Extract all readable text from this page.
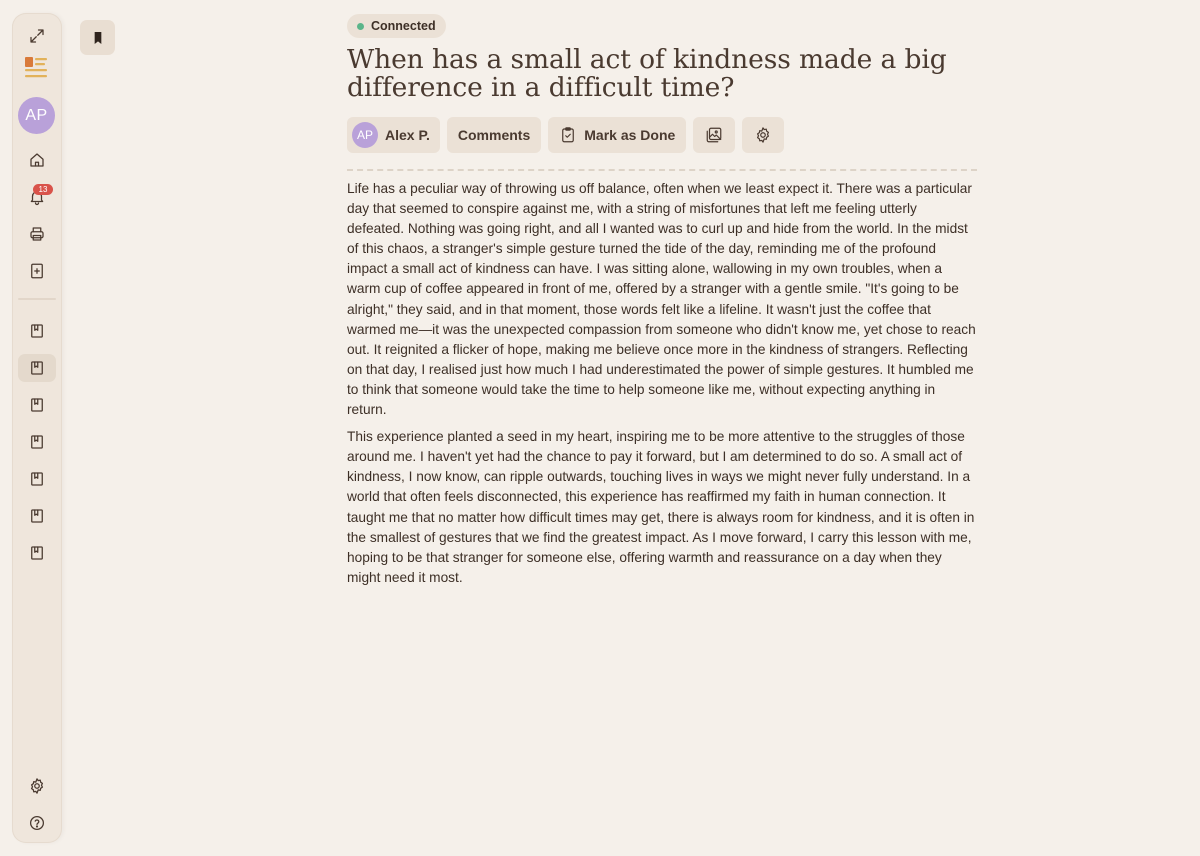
AP
13
Connected
When has a small act of kindness made a big difference in a difficult time?
AP Alex P. Comments	Mark as Done

Life has a peculiar way of throwing us off balance, often when we least expect it. There was a particular day that seemed to conspire against me, with a string of misfortunes that left me feeling utterly defeated. Nothing was going right, and all I wanted was to curl up and hide from the world. In the midst of this chaos, a stranger's simple gesture turned the tide of the day, reminding me of the profound impact a small act of kindness can have. I was sitting alone, wallowing in my own troubles, when a warm cup of coffee appeared in front of me, offered by a stranger with a gentle smile. "It's going to be alright," they said, and in that moment, those words felt like a lifeline. It wasn't just the coffee that warmed me—it was the unexpected compassion from someone who didn't know me, yet chose to reach out. It reignited a flicker of hope, making me believe once more in the kindness of strangers. Reflecting on that day, I realised just how much I had underestimated the power of simple gestures. It humbled me to think that someone would take the time to help someone like me, without expecting anything in return.

This experience planted a seed in my heart, inspiring me to be more attentive to the struggles of those around me. I haven't yet had the chance to pay it forward, but I am determined to do so. A small act of kindness, I now know, can ripple outwards, touching lives in ways we might never fully understand. In a world that often feels disconnected, this experience has reaffirmed my faith in human connection. It taught me that no matter how difficult times may get, there is always room for kindness, and it is often in the smallest of gestures that we find the greatest impact. As I move forward, I carry this lesson with me, hoping to be that stranger for someone else, offering warmth and reassurance on a day when they might need it most.
